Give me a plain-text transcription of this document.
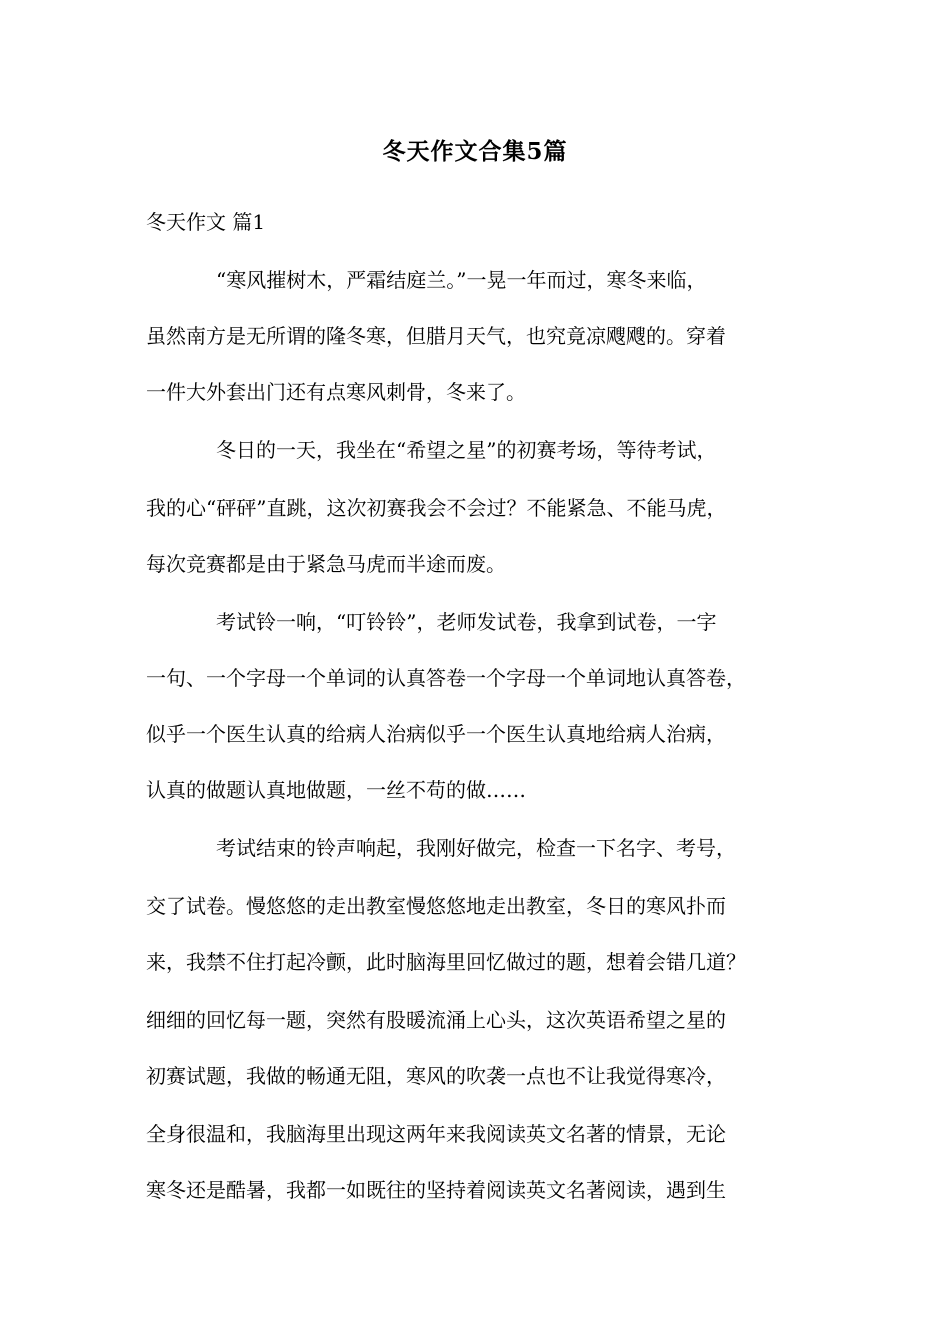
冬天作文合集5篇
冬天作文 篇1
“寒风摧树木，严霜结庭兰。”一晃一年而过，寒冬来临，
虽然南方是无所谓的隆冬寒，但腊月天气，也究竟凉飕飕的。穿着
一件大外套出门还有点寒风刺骨，冬来了。
冬日的一天，我坐在“希望之星”的初赛考场，等待考试，
我的心“砰砰”直跳，这次初赛我会不会过？不能紧急、不能马虎，
每次竞赛都是由于紧急马虎而半途而废。
考试铃一响，“叮铃铃”，老师发试卷，我拿到试卷，一字
一句、一个字母一个单词的认真答卷一个字母一个单词地认真答卷，
似乎一个医生认真的给病人治病似乎一个医生认真地给病人治病，
认真的做题认真地做题，一丝不苟的做……
考试结束的铃声响起，我刚好做完，检查一下名字、考号，
交了试卷。慢悠悠的走出教室慢悠悠地走出教室，冬日的寒风扑而
来，我禁不住打起冷颤，此时脑海里回忆做过的题，想着会错几道？
细细的回忆每一题，突然有股暖流涌上心头，这次英语希望之星的
初赛试题，我做的畅通无阻，寒风的吹袭一点也不让我觉得寒冷，
全身很温和，我脑海里出现这两年来我阅读英文名著的情景，无论
寒冬还是酷暑，我都一如既往的坚持着阅读英文名著阅读，遇到生
